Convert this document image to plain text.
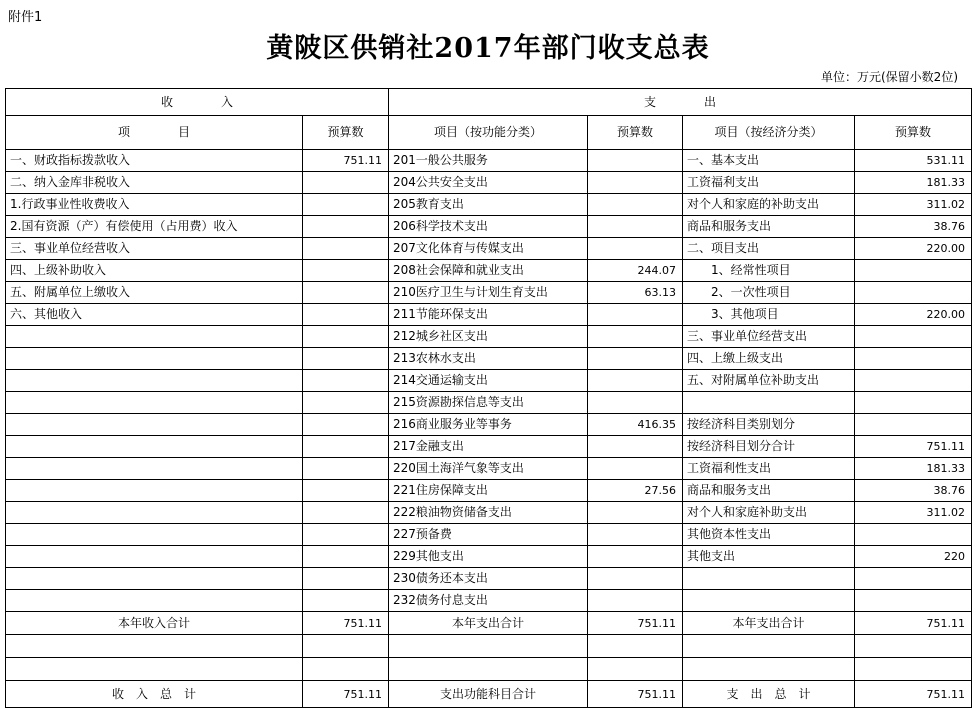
附件1
黄陂区供销社2017年部门收支总表
单位：万元(保留小数2位)
收　　　　入		支　　　　出			
项　　　　目	预算数	项目（按功能分类）	预算数	项目（按经济分类）	预算数
一、财政指标拨款收入	751.11	201一般公共服务		一、基本支出	531.11
二、纳入金库非税收入		204公共安全支出		工资福利支出	181.33
1.行政事业性收费收入		205教育支出		对个人和家庭的补助支出	311.02
2.国有资源（产）有偿使用（占用费）收入		206科学技术支出		商品和服务支出	38.76
三、事业单位经营收入		207文化体育与传媒支出		二、项目支出	220.00
四、上级补助收入		208社会保障和就业支出	244.07	　　1、经常性项目	
五、附属单位上缴收入		210医疗卫生与计划生育支出	63.13	　　2、一次性项目	
六、其他收入		211节能环保支出		　　3、其他项目	220.00
		212城乡社区支出		三、事业单位经营支出	
		213农林水支出		四、上缴上级支出	
		214交通运输支出		五、对附属单位补助支出	
		215资源勘探信息等支出			
		216商业服务业等事务	416.35	按经济科目类别划分	
		217金融支出		按经济科目划分合计	751.11
		220国土海洋气象等支出		工资福利性支出	181.33
		221住房保障支出	27.56	商品和服务支出	38.76
		222粮油物资储备支出		对个人和家庭补助支出	311.02
		227预备费		其他资本性支出	
		229其他支出		其他支出	220
		230债务还本支出			
		232债务付息支出			
本年收入合计	751.11	本年支出合计	751.11	本年支出合计	751.11

收　入　总　计	751.11	支出功能科目合计	751.11	支　出　总　计	751.11
